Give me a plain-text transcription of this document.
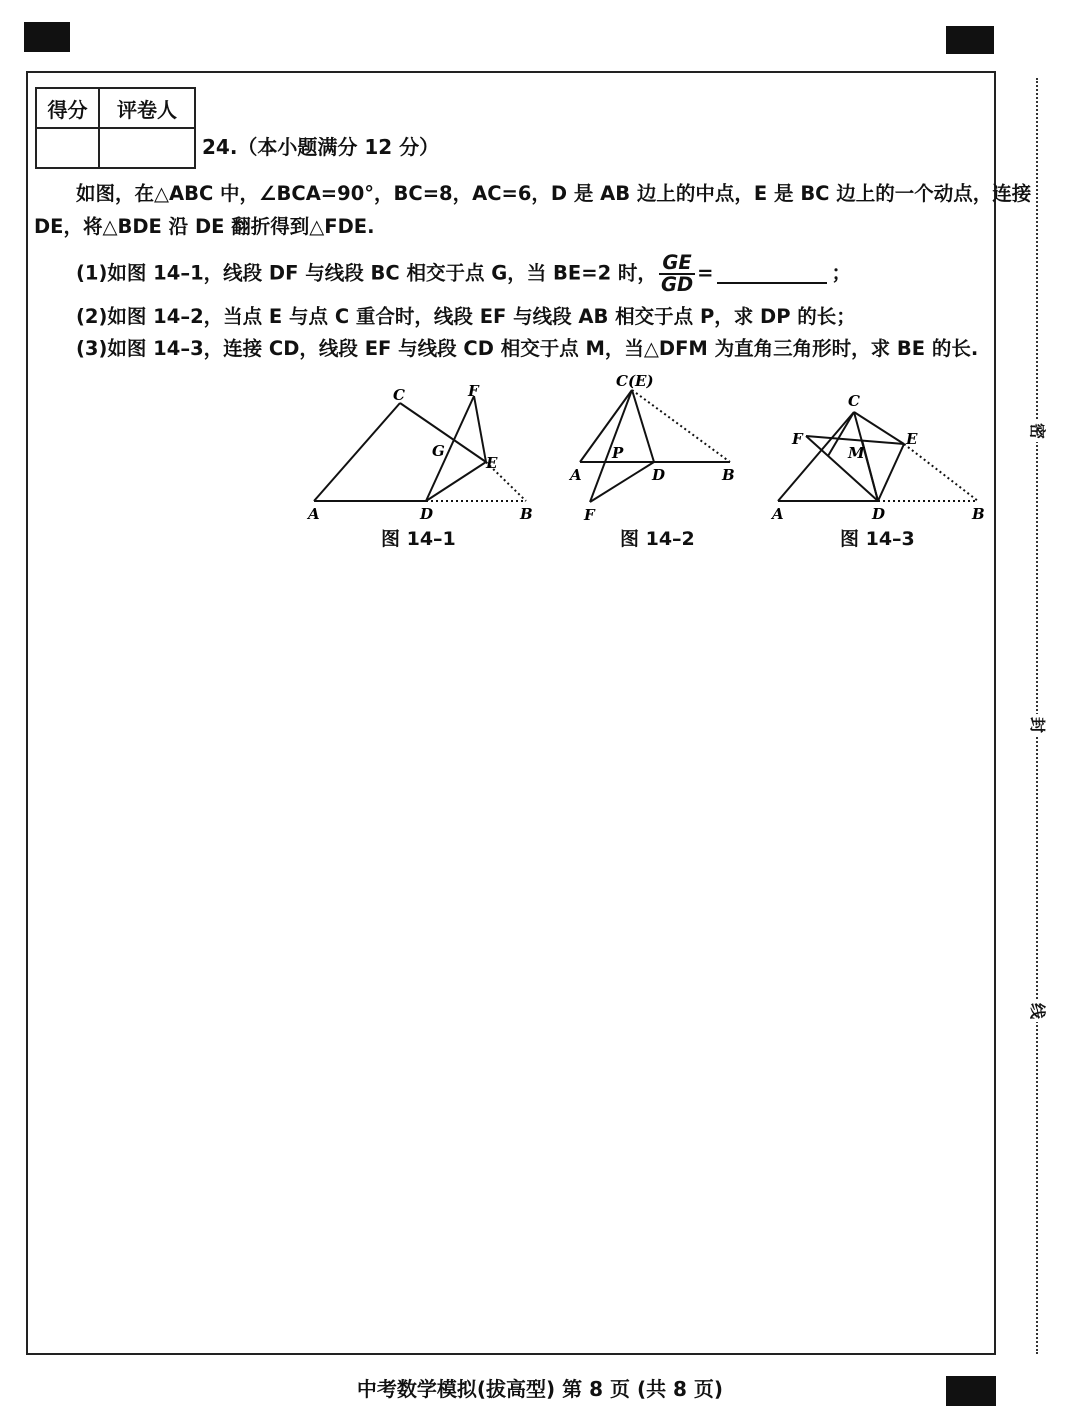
得分	评卷人

24.（本小题满分 12 分）
如图，在△ABC 中，∠BCA=90°，BC=8，AC=6，D 是 AB 边上的中点，E 是 BC 边上的一个动点，连接
DE，将△BDE 沿 DE 翻折得到△FDE.
(1)如图 14–1，线段 DF 与线段 BC 相交于点 G，当 BE=2 时， $\frac{GE}{GD}$ =	；
(2)如图 14–2，当点 E 与点 C 重合时，线段 EF 与线段 AB 相交于点 P，求 DP 的长；
(3)如图 14–3，连接 CD，线段 EF 与线段 CD 相交于点 M，当△DFM 为直角三角形时，求 BE 的长.
A	D	B
C	F
G
E
图 14–1
C(E)
A
P
D	B
F
图 14–2
C
F	E
M
A	D	B
图 14–3
中考数学模拟(拔高型) 第 8 页 (共 8 页)
密
封
线
